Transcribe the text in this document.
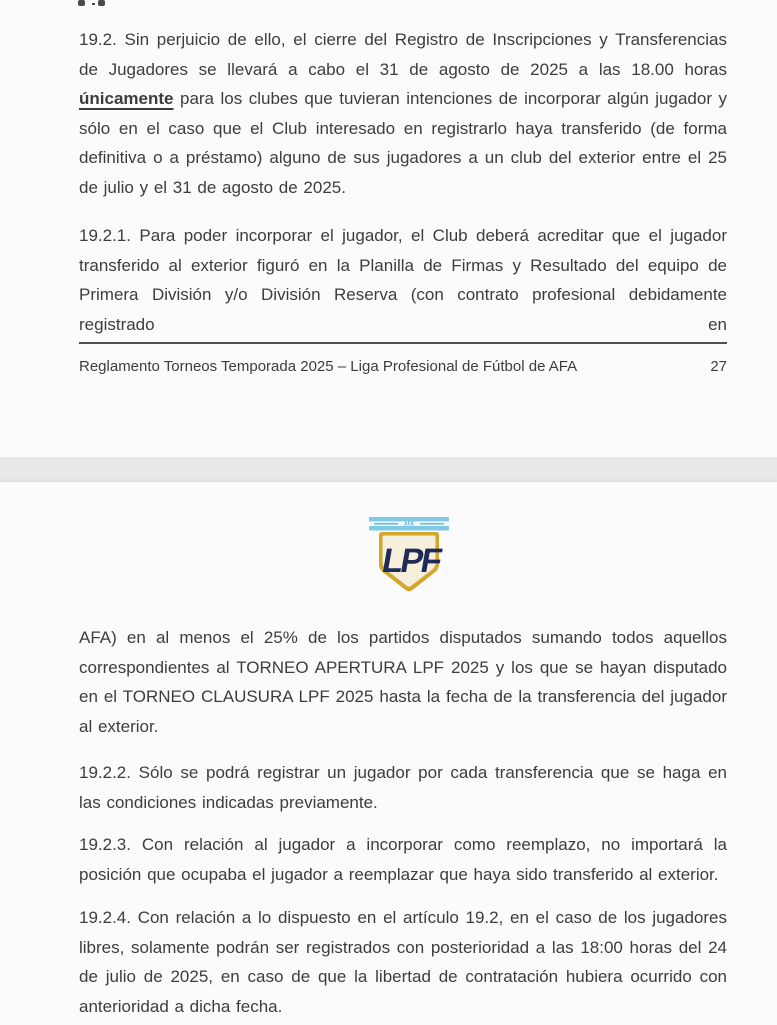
19.2. Sin perjuicio de ello, el cierre del Registro de Inscripciones y Transferencias de Jugadores se llevará a cabo el 31 de agosto de 2025 a las 18.00 horas únicamente para los clubes que tuvieran intenciones de incorporar algún jugador y sólo en el caso que el Club interesado en registrarlo haya transferido (de forma definitiva o a préstamo) alguno de sus jugadores a un club del exterior entre el 25 de julio y el 31 de agosto de 2025.

19.2.1. Para poder incorporar el jugador, el Club deberá acreditar que el jugador transferido al exterior figuró en la Planilla de Firmas y Resultado del equipo de Primera División y/o División Reserva (con contrato profesional debidamente registrado en

Reglamento Torneos Temporada 2025 – Liga Profesional de Fútbol de AFA	27
AFA
LPF

AFA) en al menos el 25% de los partidos disputados sumando todos aquellos correspondientes al TORNEO APERTURA LPF 2025 y los que se hayan disputado en el TORNEO CLAUSURA LPF 2025 hasta la fecha de la transferencia del jugador al exterior.

19.2.2. Sólo se podrá registrar un jugador por cada transferencia que se haga en las condiciones indicadas previamente.

19.2.3. Con relación al jugador a incorporar como reemplazo, no importará la posición que ocupaba el jugador a reemplazar que haya sido transferido al exterior.

19.2.4. Con relación a lo dispuesto en el artículo 19.2, en el caso de los jugadores libres, solamente podrán ser registrados con posterioridad a las 18:00 horas del 24 de julio de 2025, en caso de que la libertad de contratación hubiera ocurrido con anterioridad a dicha fecha.
